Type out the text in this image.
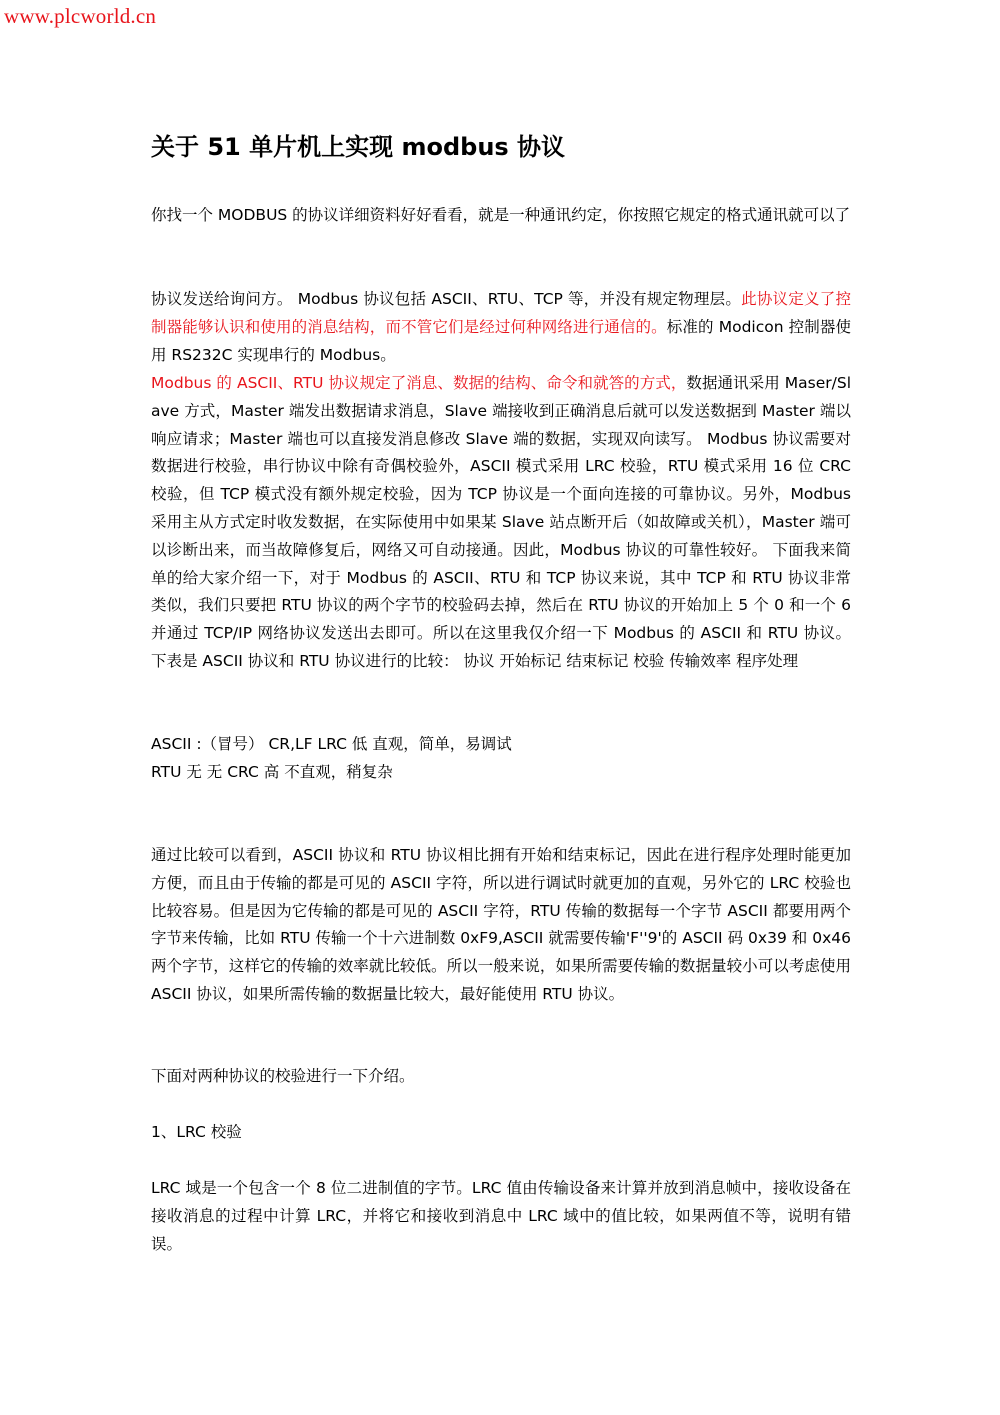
www.plcworld.cn
关于 51 单片机上实现 modbus 协议
你找一个 MODBUS 的协议详细资料好好看看，就是一种通讯约定，你按照它规定的格式通讯就可以了
协议发送给询问方。 Modbus 协议包括 ASCII、RTU、TCP 等，并没有规定物理层。此协议定义了控制器能够认识和使用的消息结构，而不管它们是经过何种网络进行通信的。标准的 Modicon 控制器使用 RS232C 实现串行的 Modbus。
Modbus 的 ASCII、RTU 协议规定了消息、数据的结构、命令和就答的方式，数据通讯采用 Maser/Slave 方式，Master 端发出数据请求消息，Slave 端接收到正确消息后就可以发送数据到 Master 端以响应请求；Master 端也可以直接发消息修改 Slave 端的数据，实现双向读写。 Modbus 协议需要对数据进行校验，串行协议中除有奇偶校验外，ASCII 模式采用 LRC 校验，RTU 模式采用 16 位 CRC 校验，但 TCP 模式没有额外规定校验，因为 TCP 协议是一个面向连接的可靠协议。另外，Modbus 采用主从方式定时收发数据，在实际使用中如果某 Slave 站点断开后（如故障或关机），Master 端可以诊断出来，而当故障修复后，网络又可自动接通。因此，Modbus 协议的可靠性较好。 下面我来简单的给大家介绍一下，对于 Modbus 的 ASCII、RTU 和 TCP 协议来说，其中 TCP 和 RTU 协议非常类似，我们只要把 RTU 协议的两个字节的校验码去掉，然后在 RTU 协议的开始加上 5 个 0 和一个 6 并通过 TCP/IP 网络协议发送出去即可。所以在这里我仅介绍一下 Modbus 的 ASCII 和 RTU 协议。 下表是 ASCII 协议和 RTU 协议进行的比较： 协议 开始标记 结束标记 校验 传输效率 程序处理
ASCII :（冒号） CR,LF LRC 低 直观，简单，易调试
RTU 无 无 CRC 高 不直观，稍复杂
通过比较可以看到，ASCII 协议和 RTU 协议相比拥有开始和结束标记，因此在进行程序处理时能更加方便，而且由于传输的都是可见的 ASCII 字符，所以进行调试时就更加的直观，另外它的 LRC 校验也比较容易。但是因为它传输的都是可见的 ASCII 字符，RTU 传输的数据每一个字节 ASCII 都要用两个字节来传输，比如 RTU 传输一个十六进制数 0xF9,ASCII 就需要传输'F''9'的 ASCII 码 0x39 和 0x46 两个字节，这样它的传输的效率就比较低。所以一般来说，如果所需要传输的数据量较小可以考虑使用 ASCII 协议，如果所需传输的数据量比较大，最好能使用 RTU 协议。
下面对两种协议的校验进行一下介绍。
1、LRC 校验
LRC 域是一个包含一个 8 位二进制值的字节。LRC 值由传输设备来计算并放到消息帧中，接收设备在接收消息的过程中计算 LRC，并将它和接收到消息中 LRC 域中的值比较，如果两值不等，说明有错误。
